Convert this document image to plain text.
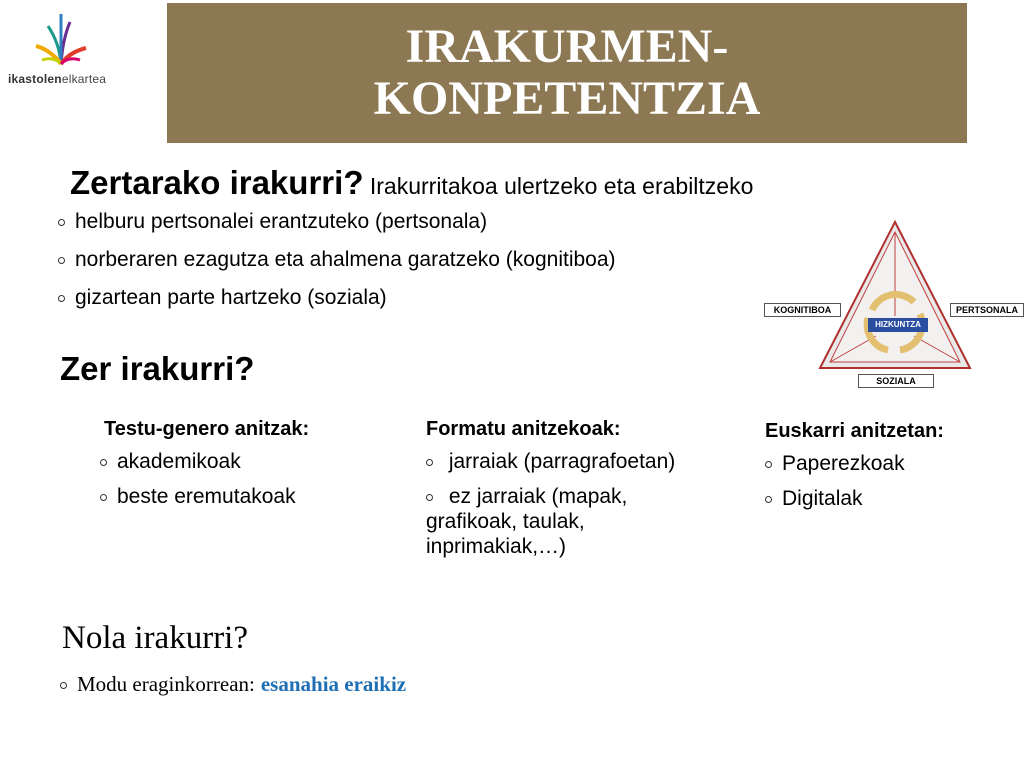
ikastolenelkartea
IRAKURMEN-
KONPETENTZIA
Zertarako irakurri? Irakurritakoa ulertzeko eta erabiltzeko
helburu pertsonalei erantzuteko (pertsonala)
norberaren ezagutza eta ahalmena garatzeko (kognitiboa)
gizartean parte hartzeko (soziala)
KOGNITIBOA	PERTSONALA
HIZKUNTZA
SOZIALA
Zer irakurri?
Testu-genero anitzak:
akademikoak
beste eremutakoak
Formatu anitzekoak:
jarraiak (parragrafoetan)
ez jarraiak (mapak, grafikoak, taulak, inprimakiak,…)
Euskarri anitzetan:
Paperezkoak
Digitalak
Nola irakurri?
Modu eraginkorrean: esanahia eraikiz
